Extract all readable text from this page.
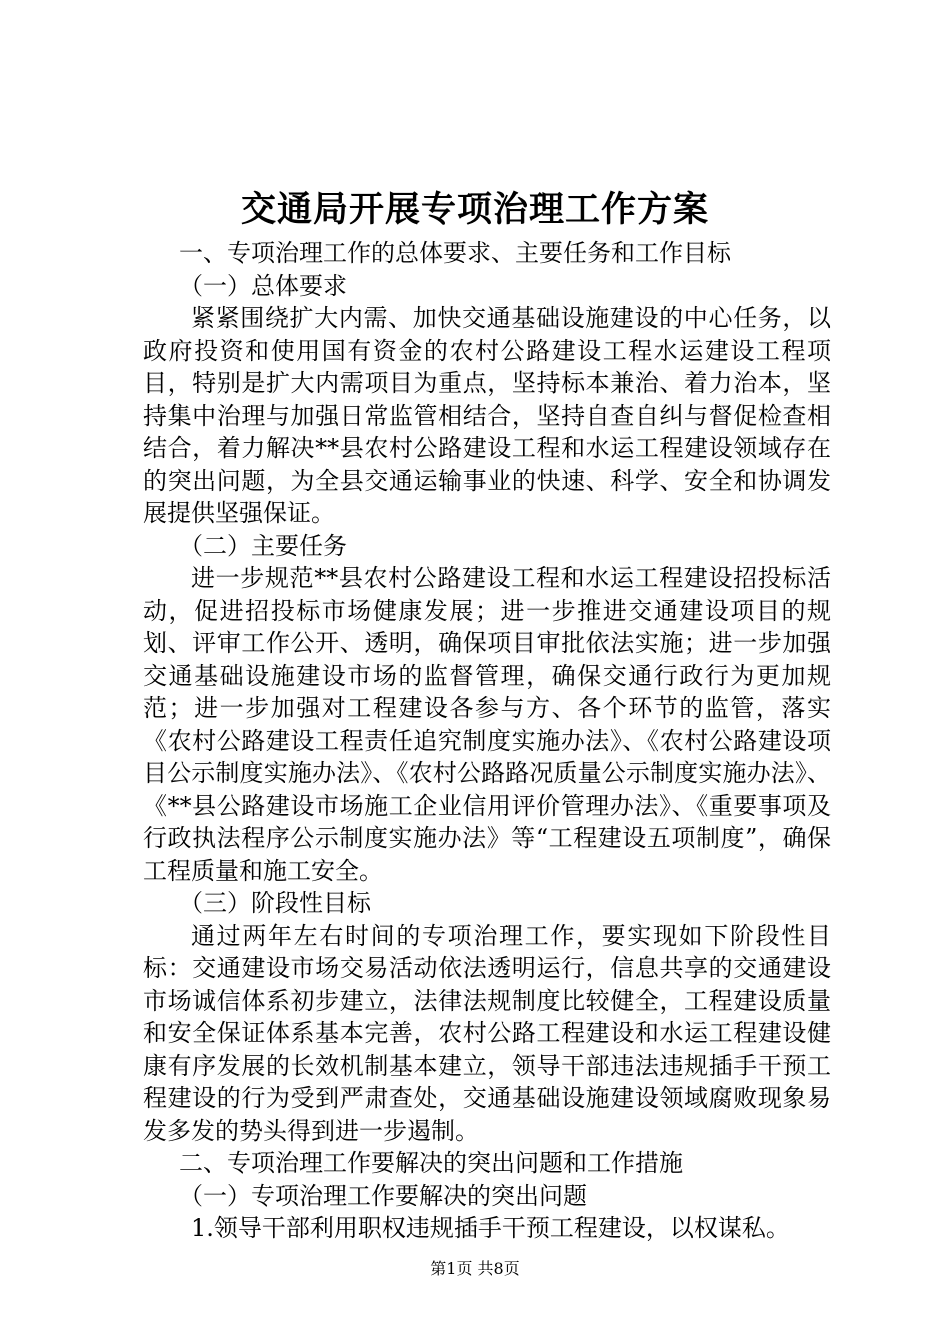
交通局开展专项治理工作方案

一、专项治理工作的总体要求、主要任务和工作目标

（一）总体要求

紧紧围绕扩大内需、加快交通基础设施建设的中心任务，以政府投资和使用国有资金的农村公路建设工程水运建设工程项目，特别是扩大内需项目为重点，坚持标本兼治、着力治本，坚持集中治理与加强日常监管相结合，坚持自查自纠与督促检查相结合，着力解决**县农村公路建设工程和水运工程建设领域存在的突出问题，为全县交通运输事业的快速、科学、安全和协调发展提供坚强保证。

（二）主要任务

进一步规范**县农村公路建设工程和水运工程建设招投标活动，促进招投标市场健康发展；进一步推进交通建设项目的规划、评审工作公开、透明，确保项目审批依法实施；进一步加强交通基础设施建设市场的监督管理，确保交通行政行为更加规范；进一步加强对工程建设各参与方、各个环节的监管，落实《农村公路建设工程责任追究制度实施办法》、《农村公路建设项目公示制度实施办法》、《农村公路路况质量公示制度实施办法》、《**县公路建设市场施工企业信用评价管理办法》、《重要事项及行政执法程序公示制度实施办法》等“工程建设五项制度”，确保工程质量和施工安全。

（三）阶段性目标

通过两年左右时间的专项治理工作，要实现如下阶段性目标：交通建设市场交易活动依法透明运行，信息共享的交通建设市场诚信体系初步建立，法律法规制度比较健全，工程建设质量和安全保证体系基本完善，农村公路工程建设和水运工程建设健康有序发展的长效机制基本建立，领导干部违法违规插手干预工程建设的行为受到严肃查处，交通基础设施建设领域腐败现象易发多发的势头得到进一步遏制。

二、专项治理工作要解决的突出问题和工作措施

（一）专项治理工作要解决的突出问题

1.领导干部利用职权违规插手干预工程建设，以权谋私。

第1页 共8页
